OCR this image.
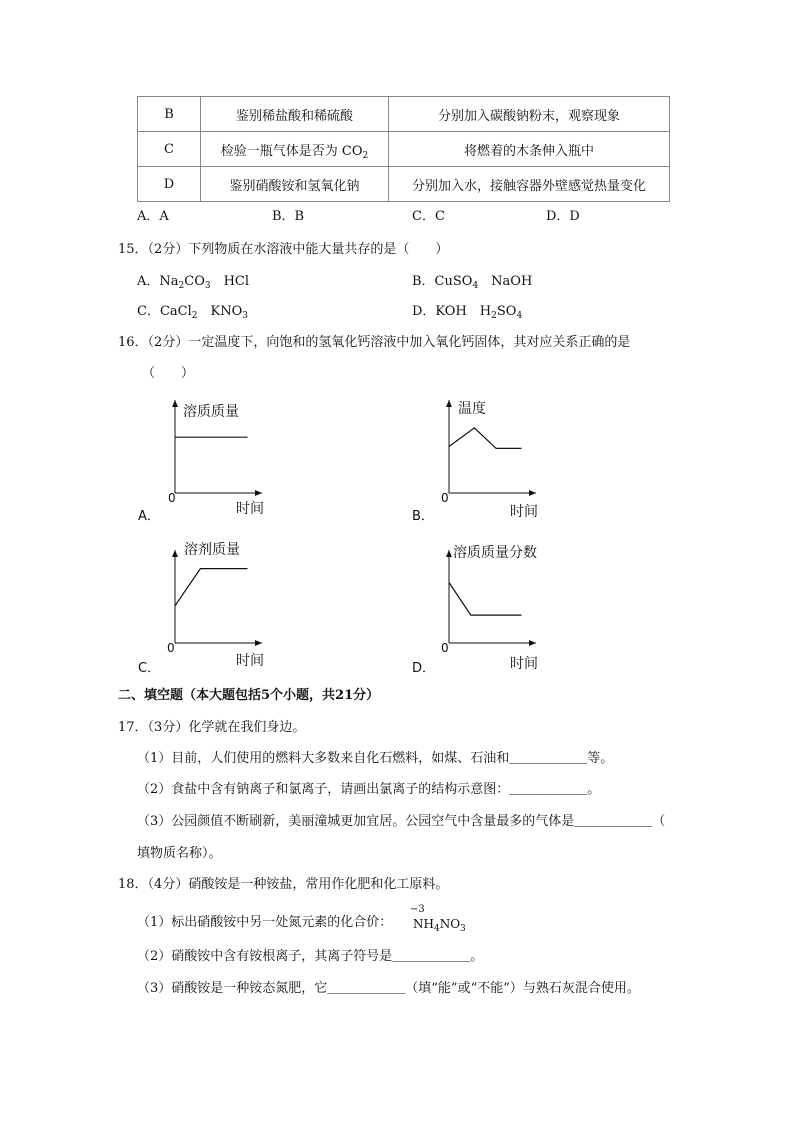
B	鉴别稀盐酸和稀硫酸	分别加入碳酸钠粉末，观察现象
C	检验一瓶气体是否为 $CO_2$	将燃着的木条伸入瓶中
D	鉴别硝酸铵和氢氧化钠	分别加入水，接触容器外壁感觉热量变化
A．A	B．B	C．C	D．D
15．（2分）下列物质在水溶液中能大量共存的是（　　）
A．$Na_2CO_3$　HCl	B．CuSO$_4$　NaOH
C．CaCl$_2$　$KNO_3$	D．KOH　$H_2SO_4$
16．（2分）一定温度下，向饱和的氢氧化钙溶液中加入氧化钙固体，其对应关系正确的是
（　　）
溶质质量
时间
0
A．
温度
时间
0
B．
溶剂质量
时间
0
C．
溶质质量分数
时间
0
D．
二、填空题（本大题包括5个小题，共21分）
17．（3分）化学就在我们身边。
（1）目前，人们使用的燃料大多数来自化石燃料，如煤、石油和＿＿＿＿＿＿等。
（2）食盐中含有钠离子和氯离子，请画出氯离子的结构示意图：＿＿＿＿＿＿。
（3）公园颜值不断刷新，美丽潼城更加宜居。公园空气中含量最多的气体是＿＿＿＿＿＿（
填物质名称）。
18．（4分）硝酸铵是一种铵盐，常用作化肥和化工原料。
（1）标出硝酸铵中另一处氮元素的化合价：
−3
$NH_4NO_3$
（2）硝酸铵中含有铵根离子，其离子符号是＿＿＿＿＿＿。
（3）硝酸铵是一种铵态氮肥，它＿＿＿＿＿＿（填“能”或“不能”）与熟石灰混合使用。
